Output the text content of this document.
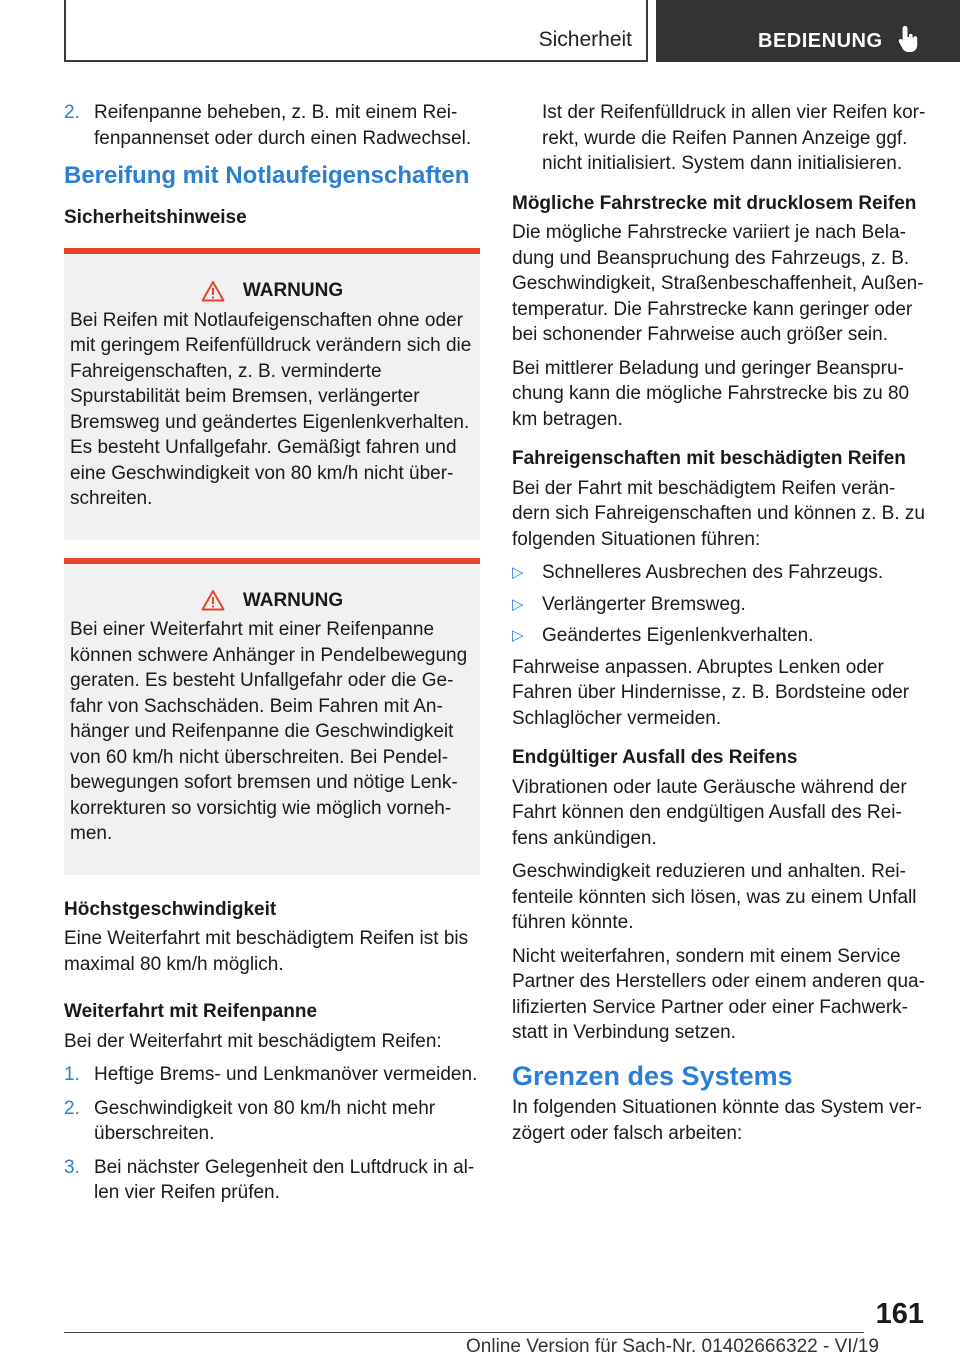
Sicherheit	BEDIENUNG
2. Reifenpanne beheben, z. B. mit einem Reifenpannenset oder durch einen Radwechsel.
Bereifung mit Notlaufeigenschaften
Sicherheitshinweise
WARNUNG

Bei Reifen mit Notlaufeigenschaften ohne oder mit geringem Reifenfülldruck verändern sich die Fahreigenschaften, z. B. verminderte Spurstabilität beim Bremsen, verlängerter Bremsweg und geändertes Eigenlenkverhalten. Es besteht Unfallgefahr. Gemäßigt fahren und eine Geschwindigkeit von 80 km/h nicht überschreiten.

WARNUNG

Bei einer Weiterfahrt mit einer Reifenpanne können schwere Anhänger in Pendelbewegung geraten. Es besteht Unfallgefahr oder die Gefahr von Sachschäden. Beim Fahren mit Anhänger und Reifenpanne die Geschwindigkeit von 60 km/h nicht überschreiten. Bei Pendelbewegungen sofort bremsen und nötige Lenkkorrekturen so vorsichtig wie möglich vornehmen.

Höchstgeschwindigkeit

Eine Weiterfahrt mit beschädigtem Reifen ist bis maximal 80 km/h möglich.

Weiterfahrt mit Reifenpanne

Bei der Weiterfahrt mit beschädigtem Reifen:

1. Heftige Brems- und Lenkmanöver vermeiden.
2. Geschwindigkeit von 80 km/h nicht mehr überschreiten.
3. Bei nächster Gelegenheit den Luftdruck in allen vier Reifen prüfen.

Ist der Reifenfülldruck in allen vier Reifen korrekt, wurde die Reifen Pannen Anzeige ggf. nicht initialisiert. System dann initialisieren.

Mögliche Fahrstrecke mit drucklosem Reifen

Die mögliche Fahrstrecke variiert je nach Beladung und Beanspruchung des Fahrzeugs, z. B. Geschwindigkeit, Straßenbeschaffenheit, Außentemperatur. Die Fahrstrecke kann geringer oder bei schonender Fahrweise auch größer sein.

Bei mittlerer Beladung und geringer Beanspruchung kann die mögliche Fahrstrecke bis zu 80 km betragen.

Fahreigenschaften mit beschädigten Reifen

Bei der Fahrt mit beschädigtem Reifen verändern sich Fahreigenschaften und können z. B. zu folgenden Situationen führen:

▷ Schnelleres Ausbrechen des Fahrzeugs.
▷ Verlängerter Bremsweg.
▷ Geändertes Eigenlenkverhalten.

Fahrweise anpassen. Abruptes Lenken oder Fahren über Hindernisse, z. B. Bordsteine oder Schlaglöcher vermeiden.

Endgültiger Ausfall des Reifens

Vibrationen oder laute Geräusche während der Fahrt können den endgültigen Ausfall des Reifens ankündigen.

Geschwindigkeit reduzieren und anhalten. Reifenteile könnten sich lösen, was zu einem Unfall führen könnte.

Nicht weiterfahren, sondern mit einem Service Partner des Herstellers oder einem anderen qualifizierten Service Partner oder einer Fachwerkstatt in Verbindung setzen.

Grenzen des Systems

In folgenden Situationen könnte das System verzögert oder falsch arbeiten:

161
Online Version für Sach-Nr. 01402666322 - VI/19
